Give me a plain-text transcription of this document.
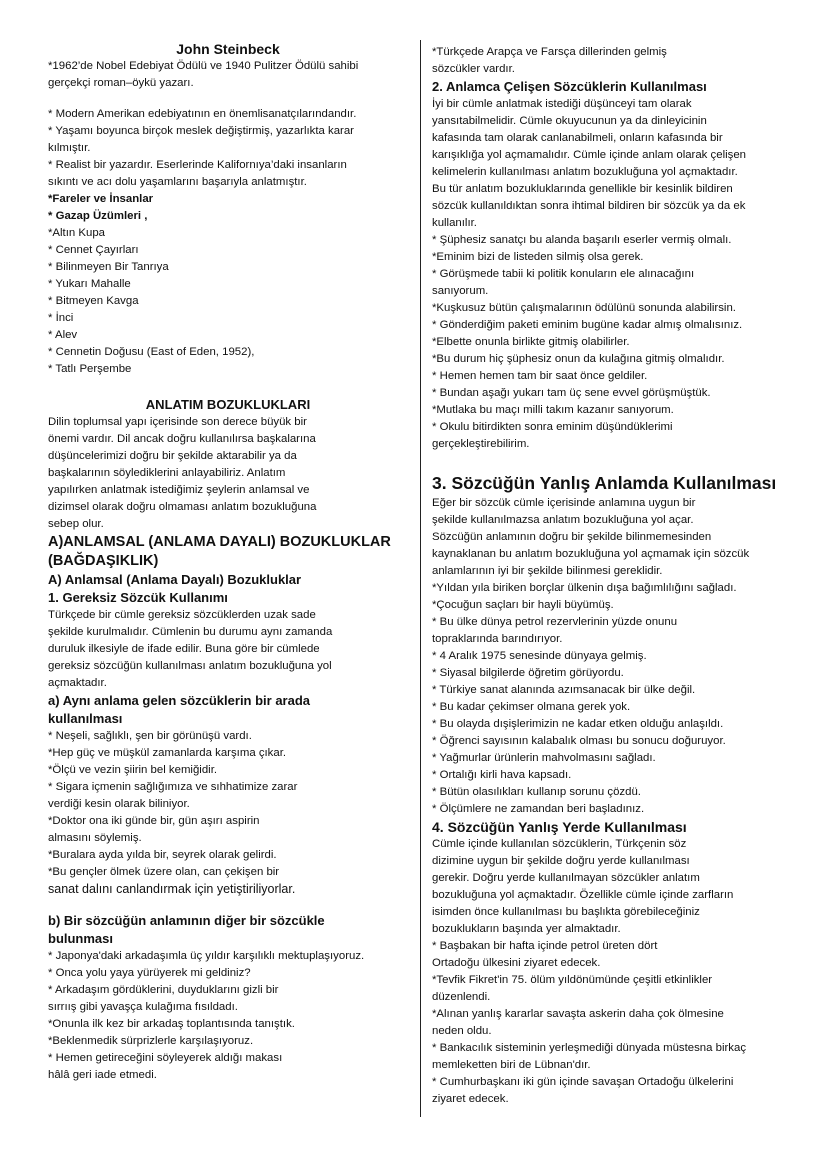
John Steinbeck
*1962’de Nobel Edebiyat Ödülü ve 1940 Pulitzer Ödülü sahibi
gerçekçi roman–öykü yazarı.
* Modern Amerikan edebiyatının en önemlisanatçılarındandır.
* Yaşamı boyunca birçok meslek değiştirmiş, yazarlıkta karar
kılmıştır.
* Realist bir yazardır. Eserlerinde Kalifornıya’daki insanların
sıkıntı ve acı dolu yaşamlarını başarıyla anlatmıştır.
*Fareler ve İnsanlar
* Gazap Üzümleri ,
*Altın Kupa
* Cennet Çayırları
* Bilinmeyen Bir Tanrıya
* Yukarı Mahalle
* Bitmeyen Kavga
* İnci
* Alev
* Cennetin Doğusu (East of Eden, 1952),
* Tatlı Perşembe
ANLATIM BOZUKLUKLARI
Dilin toplumsal yapı içerisinde son derece büyük bir
önemi vardır. Dil ancak doğru kullanılırsa başkalarına
düşüncelerimizi doğru bir şekilde aktarabilir ya da
başkalarının söylediklerini anlayabiliriz. Anlatım
yapılırken anlatmak istediğimiz şeylerin anlamsal ve
dizimsel olarak doğru olmaması anlatım bozukluğuna
sebep olur.
A)ANLAMSAL (ANLAMA DAYALI) BOZUKLUKLAR
(BAĞDAŞIKLIK)
A) Anlamsal (Anlama Dayalı) Bozukluklar
1. Gereksiz Sözcük Kullanımı
Türkçede bir cümle gereksiz sözcüklerden uzak sade
şekilde kurulmalıdır. Cümlenin bu durumu aynı zamanda
duruluk ilkesiyle de ifade edilir. Buna göre bir cümlede
gereksiz sözcüğün kullanılması anlatım bozukluğuna yol
açmaktadır.
a) Aynı anlama gelen sözcüklerin bir arada
kullanılması
* Neşeli, sağlıklı, şen bir görünüşü vardı.
*Hep güç ve müşkül zamanlarda karşıma çıkar.
*Ölçü ve vezin şiirin bel kemiğidir.
* Sigara içmenin sağlığımıza ve sıhhatimize zarar
verdiği kesin olarak biliniyor.
*Doktor ona iki günde bir, gün aşırı aspirin
almasını söylemiş.
*Buralara ayda yılda bir, seyrek olarak gelirdi.
*Bu gençler ölmek üzere olan, can çekişen bir
sanat dalını canlandırmak için yetiştiriliyorlar.
b) Bir sözcüğün anlamının diğer bir sözcükle
bulunması
* Japonya'daki arkadaşımla üç yıldır karşılıklı mektuplaşıyoruz.
* Onca yolu yaya yürüyerek mi geldiniz?
* Arkadaşım gördüklerini, duyduklarını gizli bir
sırrıış gibi yavaşça kulağıma fısıldadı.
*Onunla ilk kez bir arkadaş toplantısında tanıştık.
*Beklenmedik sürprizlerle karşılaşıyoruz.
* Hemen getireceğini söyleyerek aldığı makası
hâlâ geri iade etmedi.
*Türkçede Arapça ve Farsça dillerinden gelmiş
sözcükler vardır.
2. Anlamca Çelişen Sözcüklerin Kullanılması
İyi bir cümle anlatmak istediği düşünceyi tam olarak
yansıtabilmelidir. Cümle okuyucunun ya da dinleyicinin
kafasında tam olarak canlanabilmeli, onların kafasında bir
karışıklığa yol açmamalıdır. Cümle içinde anlam olarak çelişen
kelimelerin kullanılması anlatım bozukluğuna yol açmaktadır.
Bu tür anlatım bozukluklarında genellikle bir kesinlik bildiren
sözcük kullanıldıktan sonra ihtimal bildiren bir sözcük ya da ek
kullanılır.
* Şüphesiz sanatçı bu alanda başarılı eserler vermiş olmalı.
*Eminim bizi de listeden silmiş olsa gerek.
* Görüşmede tabii ki politik konuların ele alınacağını
sanıyorum.
*Kuşkusuz bütün çalışmalarının ödülünü sonunda alabilirsin.
* Gönderdiğim paketi eminim bugüne kadar almış olmalısınız.
*Elbette onunla birlikte gitmiş olabilirler.
*Bu durum hiç şüphesiz onun da kulağına gitmiş olmalıdır.
* Hemen hemen tam bir saat önce geldiler.
* Bundan aşağı yukarı tam üç sene evvel görüşmüştük.
*Mutlaka bu maçı milli takım kazanır sanıyorum.
* Okulu bitirdikten sonra eminim düşündüklerimi
gerçekleştirebilirim.
3. Sözcüğün Yanlış Anlamda Kullanılması
Eğer bir sözcük cümle içerisinde anlamına uygun bir
şekilde kullanılmazsa anlatım bozukluğuna yol açar.
Sözcüğün anlamının doğru bir şekilde bilinmemesinden
kaynaklanan bu anlatım bozukluğuna yol açmamak için sözcük
anlamlarının iyi bir şekilde bilinmesi gereklidir.
*Yıldan yıla biriken borçlar ülkenin dışa bağımlılığını sağladı.
*Çocuğun saçları bir hayli büyümüş.
* Bu ülke dünya petrol rezervlerinin yüzde onunu
topraklarında barındırıyor.
* 4 Aralık 1975 senesinde dünyaya gelmiş.
* Siyasal bilgilerde öğretim görüyordu.
* Türkiye sanat alanında azımsanacak bir ülke değil.
* Bu kadar çekimser olmana gerek yok.
* Bu olayda dışişlerimizin ne kadar etken olduğu anlaşıldı.
* Öğrenci sayısının kalabalık olması bu sonucu doğuruyor.
* Yağmurlar ürünlerin mahvolmasını sağladı.
* Ortalığı kirli hava kapsadı.
* Bütün olasılıkları kullanıp sorunu çözdü.
* Ölçümlere ne zamandan beri başladınız.
4. Sözcüğün Yanlış Yerde Kullanılması
Cümle içinde kullanılan sözcüklerin, Türkçenin söz
dizimine uygun bir şekilde doğru yerde kullanılması
gerekir. Doğru yerde kullanılmayan sözcükler anlatım
bozukluğuna yol açmaktadır. Özellikle cümle içinde zarfların
isimden önce kullanılması bu başlıkta görebileceğiniz
bozuklukların başında yer almaktadır.
* Başbakan bir hafta içinde petrol üreten dört
Ortadoğu ülkesini ziyaret edecek.
*Tevfik Fikret'in 75. ölüm yıldönümünde çeşitli etkinlikler
düzenlendi.
*Alınan yanlış kararlar savaşta askerin daha çok ölmesine
neden oldu.
* Bankacılık sisteminin yerleşmediği dünyada müstesna birkaç
memleketten biri de Lübnan'dır.
* Cumhurbaşkanı iki gün içinde savaşan Ortadoğu ülkelerini
ziyaret edecek.
